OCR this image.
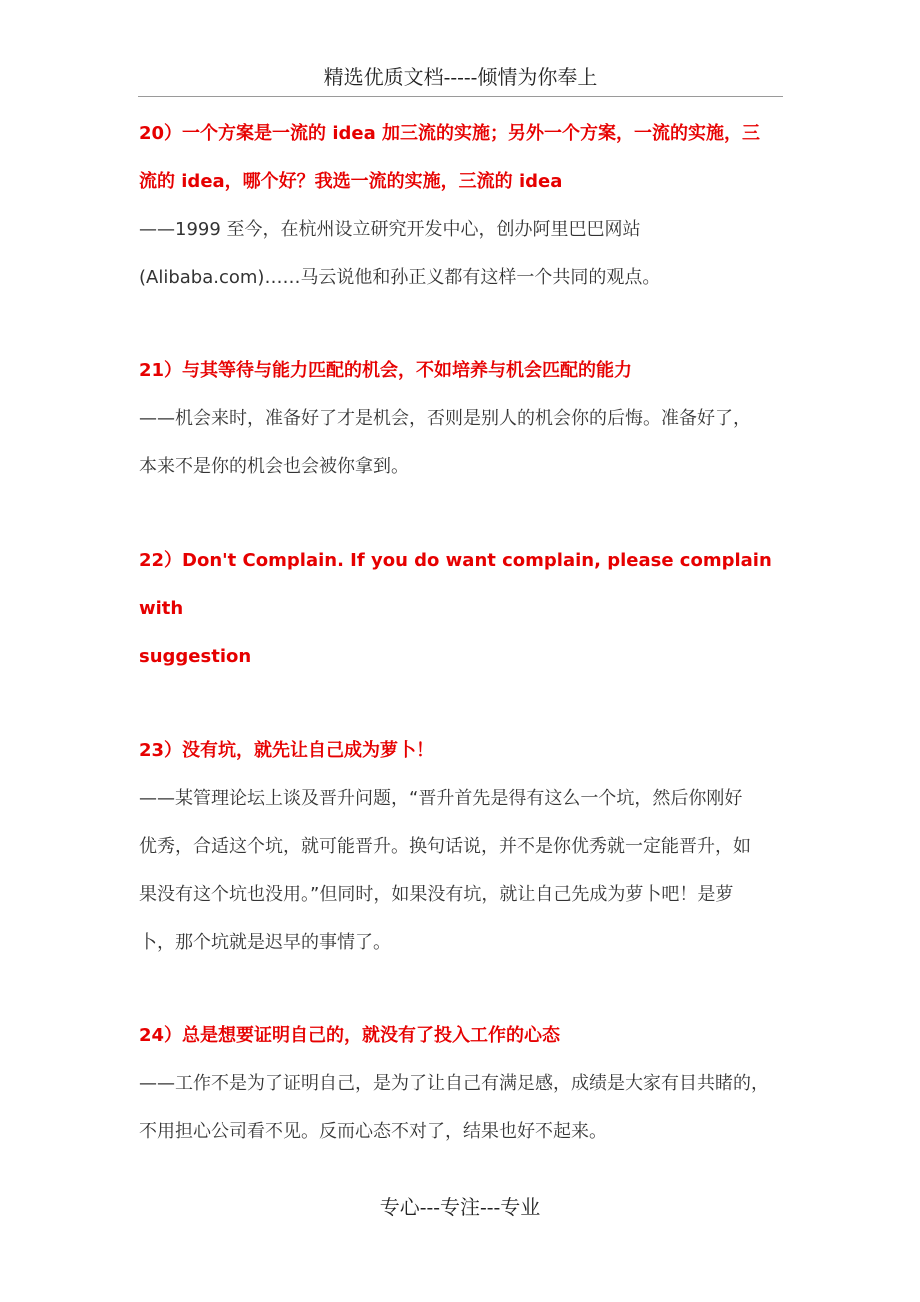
精选优质文档-----倾情为你奉上

20）一个方案是一流的 idea 加三流的实施；另外一个方案，一流的实施，三

流的 idea，哪个好？我选一流的实施，三流的 idea

——1999 至今，在杭州设立研究开发中心，创办阿里巴巴网站

(Alibaba.com)……马云说他和孙正义都有这样一个共同的观点。

21）与其等待与能力匹配的机会，不如培养与机会匹配的能力

——机会来时，准备好了才是机会，否则是别人的机会你的后悔。准备好了，

本来不是你的机会也会被你拿到。

22）Don't Complain. If you do want complain, please complain with

suggestion

23）没有坑，就先让自己成为萝卜！

——某管理论坛上谈及晋升问题，“晋升首先是得有这么一个坑，然后你刚好

优秀，合适这个坑，就可能晋升。换句话说，并不是你优秀就一定能晋升，如

果没有这个坑也没用。”但同时，如果没有坑，就让自己先成为萝卜吧！是萝

卜，那个坑就是迟早的事情了。

24）总是想要证明自己的，就没有了投入工作的心态

——工作不是为了证明自己，是为了让自己有满足感，成绩是大家有目共睹的，

不用担心公司看不见。反而心态不对了，结果也好不起来。

专心---专注---专业
